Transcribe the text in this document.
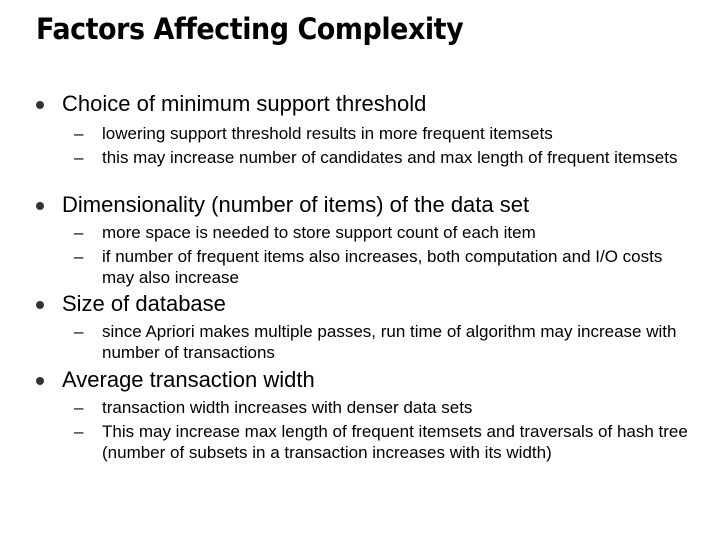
Factors Affecting Complexity
Choice of minimum support threshold
– lowering support threshold results in more frequent itemsets
– this may increase number of candidates and max length of frequent itemsets
Dimensionality (number of items) of the data set
– more space is needed to store support count of each item
– if number of frequent items also increases, both computation and I/O costs may also increase
Size of database
– since Apriori makes multiple passes, run time of algorithm may increase with number of transactions
Average transaction width
– transaction width increases with denser data sets
– This may increase max length of frequent itemsets and traversals of hash tree (number of subsets in a transaction increases with its width)
